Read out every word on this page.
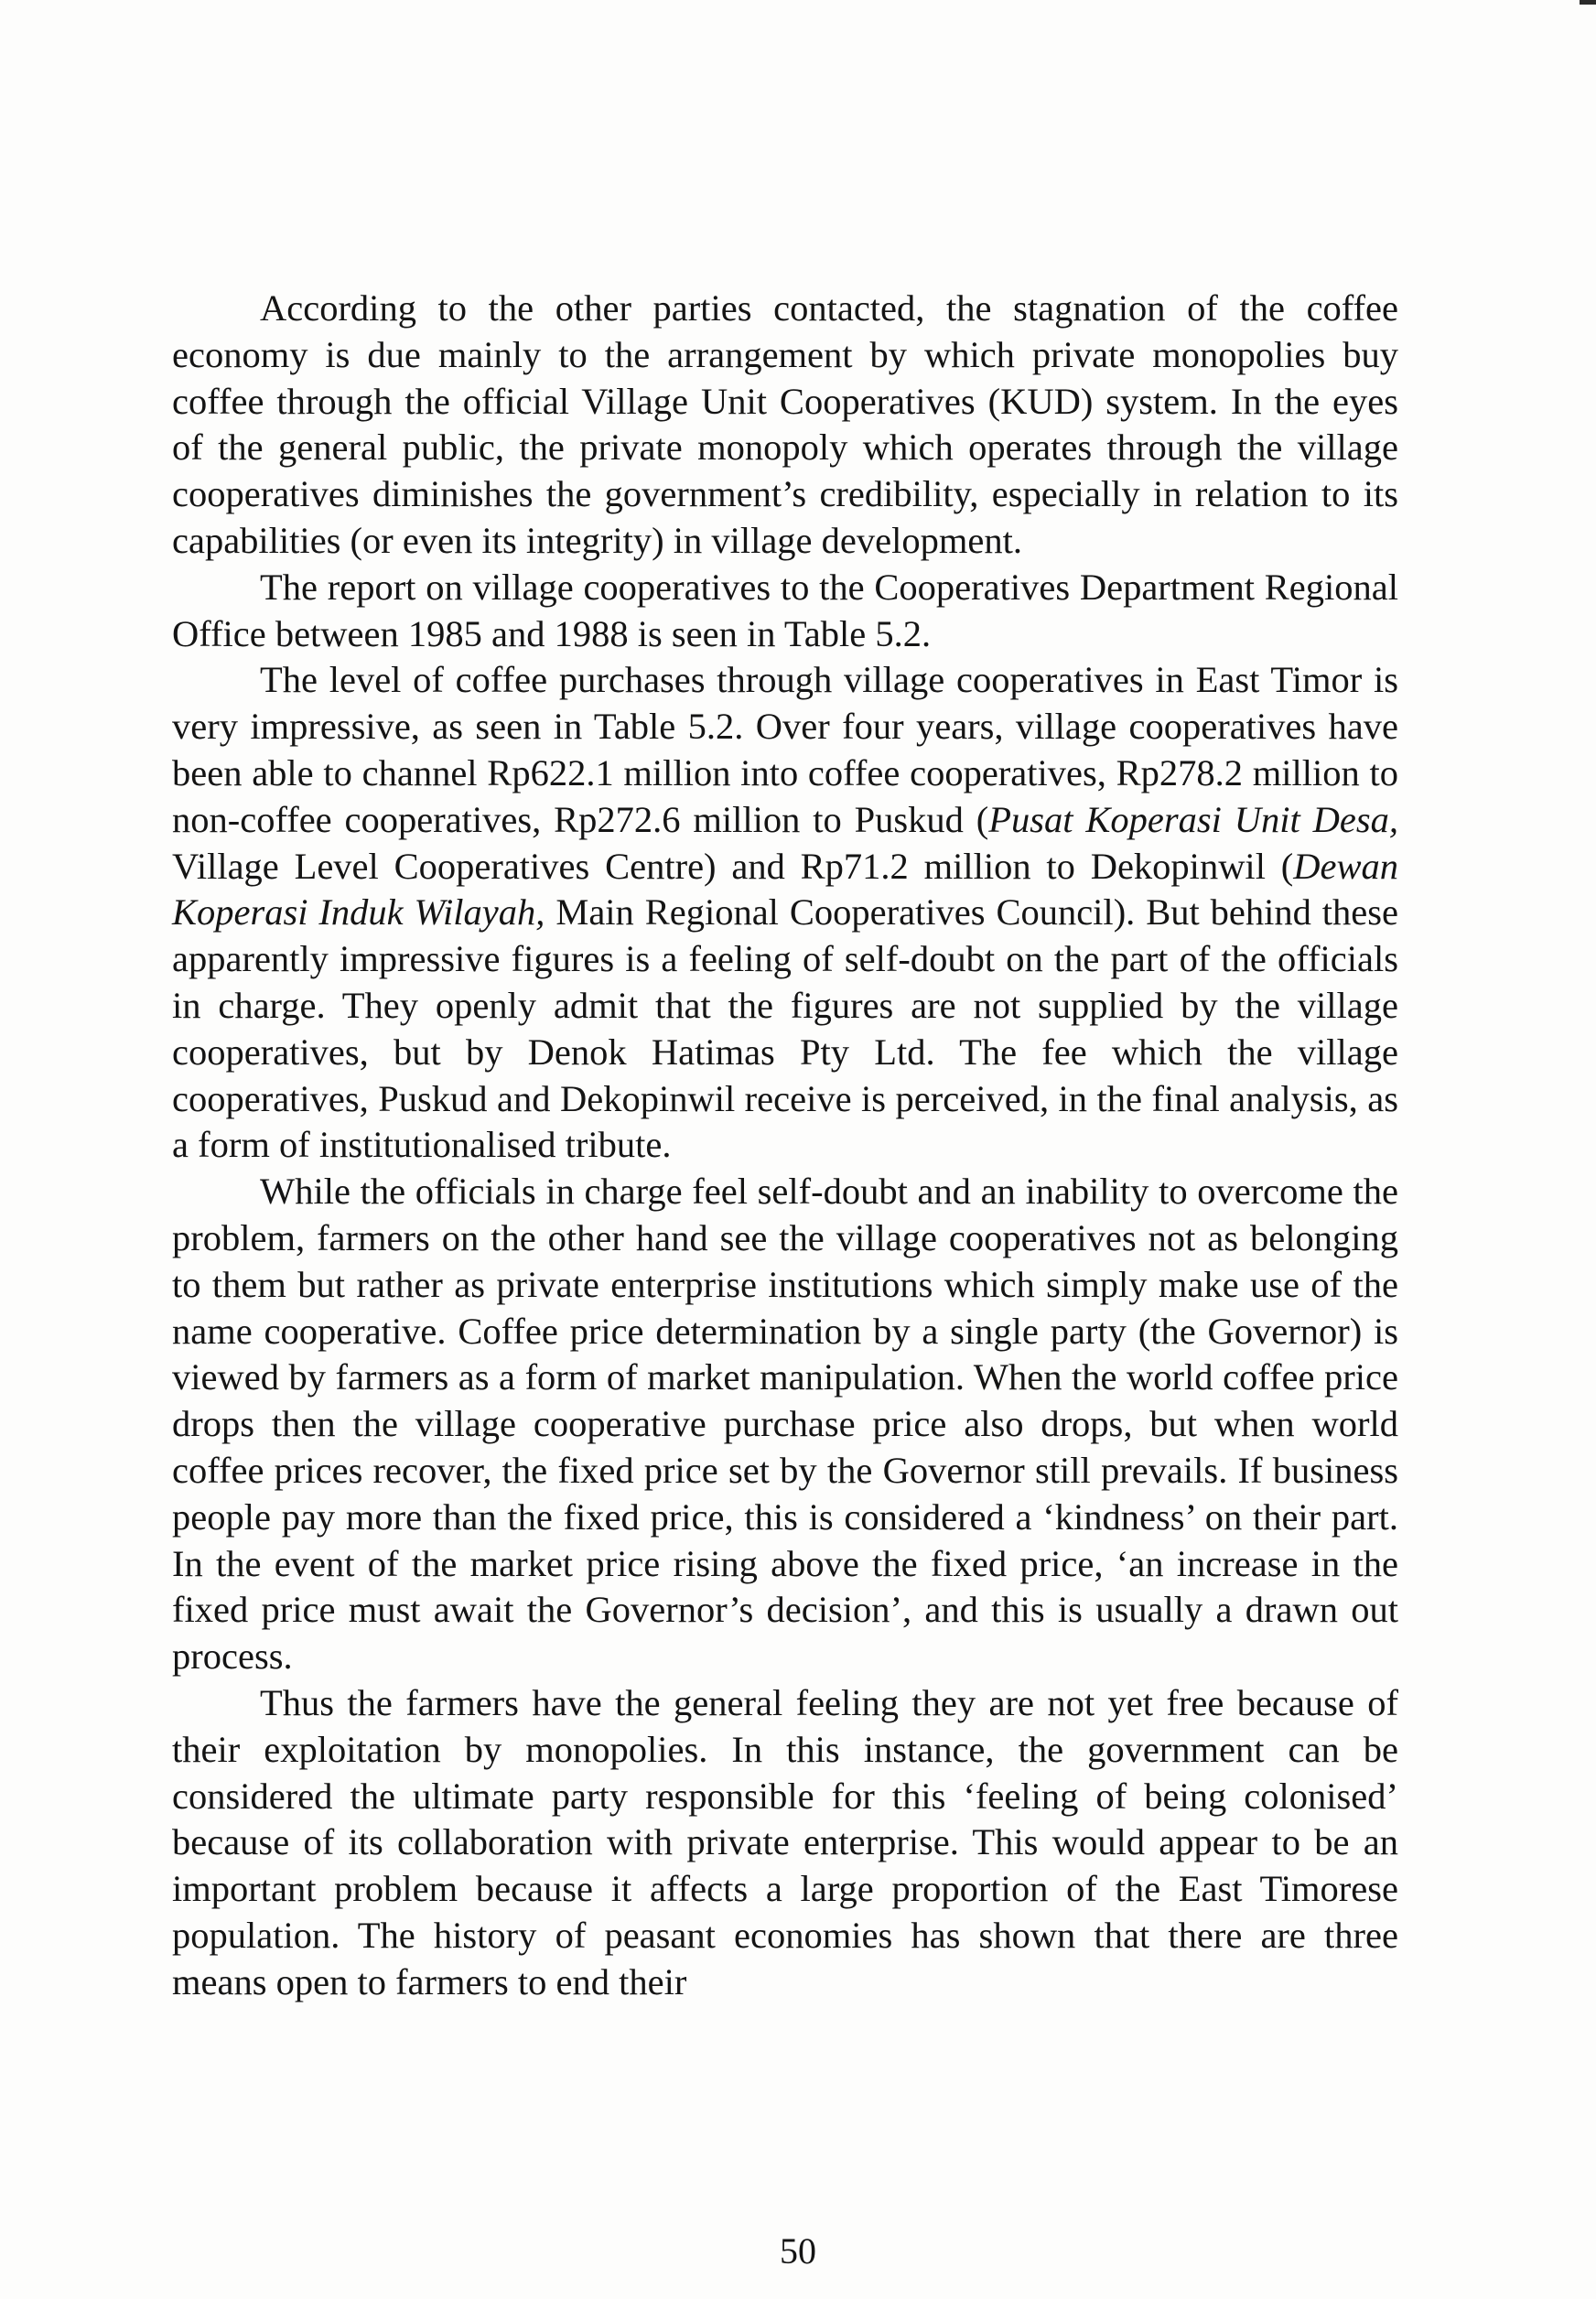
According to the other parties contacted, the stagnation of the coffee economy is due mainly to the arrangement by which private monopolies buy coffee through the official Village Unit Cooperatives (KUD) system. In the eyes of the general public, the private monopoly which operates through the village cooperatives diminishes the government’s credibility, especially in relation to its capabilities (or even its integrity) in village development.

The report on village cooperatives to the Cooperatives Department Regional Office between 1985 and 1988 is seen in Table 5.2.

The level of coffee purchases through village cooperatives in East Timor is very impressive, as seen in Table 5.2. Over four years, village cooperatives have been able to channel Rp622.1 million into coffee cooperatives, Rp278.2 million to non-coffee cooperatives, Rp272.6 million to Puskud (Pusat Koperasi Unit Desa, Village Level Cooperatives Centre) and Rp71.2 million to Dekopinwil (Dewan Koperasi Induk Wilayah, Main Regional Cooperatives Council). But behind these apparently impressive figures is a feeling of self-doubt on the part of the officials in charge. They openly admit that the figures are not supplied by the village cooperatives, but by Denok Hatimas Pty Ltd. The fee which the village cooperatives, Puskud and Dekopinwil receive is perceived, in the final analysis, as a form of institutionalised tribute.

While the officials in charge feel self-doubt and an inability to overcome the problem, farmers on the other hand see the village cooperatives not as belonging to them but rather as private enterprise institutions which simply make use of the name cooperative. Coffee price determination by a single party (the Governor) is viewed by farmers as a form of market manipulation. When the world coffee price drops then the village cooperative purchase price also drops, but when world coffee prices recover, the fixed price set by the Governor still prevails. If business people pay more than the fixed price, this is considered a ‘kindness’ on their part. In the event of the market price rising above the fixed price, ‘an increase in the fixed price must await the Governor’s decision’, and this is usually a drawn out process.

Thus the farmers have the general feeling they are not yet free because of their exploitation by monopolies. In this instance, the government can be considered the ultimate party responsible for this ‘feeling of being colonised’ because of its collaboration with private enterprise. This would appear to be an important problem because it affects a large proportion of the East Timorese population. The history of peasant economies has shown that there are three means open to farmers to end their

50
